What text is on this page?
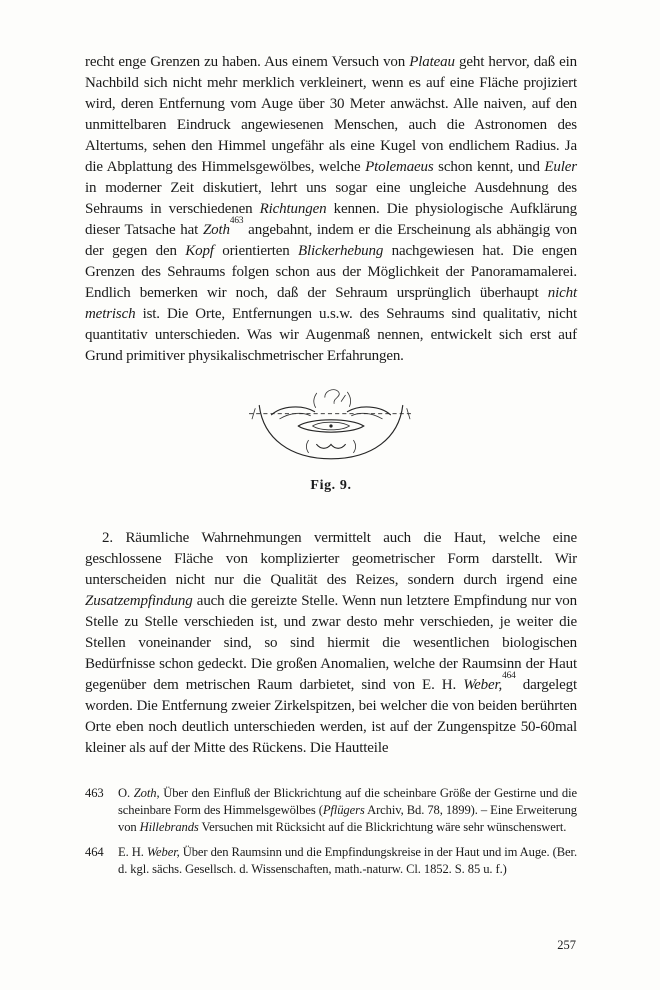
recht enge Grenzen zu haben. Aus einem Versuch von Plateau geht hervor, daß ein Nachbild sich nicht mehr merklich verkleinert, wenn es auf eine Fläche projiziert wird, deren Entfernung vom Auge über 30 Meter anwächst. Alle naiven, auf den unmittelbaren Eindruck angewiesenen Menschen, auch die Astronomen des Altertums, sehen den Himmel ungefähr als eine Kugel von endlichem Radius. Ja die Abplattung des Himmelsgewölbes, welche Ptolemaeus schon kennt, und Euler in moderner Zeit diskutiert, lehrt uns sogar eine ungleiche Ausdehnung des Sehraums in verschiedenen Richtungen kennen. Die physiologische Aufklärung dieser Tatsache hat Zoth$^{463}$ angebahnt, indem er die Erscheinung als abhängig von der gegen den Kopf orientierten Blickerhebung nachgewiesen hat. Die engen Grenzen des Sehraums folgen schon aus der Möglichkeit der Panoramamalerei. Endlich bemerken wir noch, daß der Sehraum ursprünglich überhaupt nicht metrisch ist. Die Orte, Entfernungen u.s.w. des Sehraums sind qualitativ, nicht quantitativ unterschieden. Was wir Augenmaß nennen, entwickelt sich erst auf Grund primitiver physikalischmetrischer Erfahrungen.

Fig. 9.

2. Räumliche Wahrnehmungen vermittelt auch die Haut, welche eine geschlossene Fläche von komplizierter geometrischer Form darstellt. Wir unterscheiden nicht nur die Qualität des Reizes, sondern durch irgend eine Zusatzempfindung auch die gereizte Stelle. Wenn nun letztere Empfindung nur von Stelle zu Stelle verschieden ist, und zwar desto mehr verschieden, je weiter die Stellen voneinander sind, so sind hiermit die wesentlichen biologischen Bedürfnisse schon gedeckt. Die großen Anomalien, welche der Raumsinn der Haut gegenüber dem metrischen Raum darbietet, sind von E. H. Weber,$^{464}$ dargelegt worden. Die Entfernung zweier Zirkelspitzen, bei welcher die von beiden berührten Orte eben noch deutlich unterschieden werden, ist auf der Zungenspitze 50-60mal kleiner als auf der Mitte des Rückens. Die Hautteile

463	O. Zoth, Über den Einfluß der Blickrichtung auf die scheinbare Größe der Gestirne und die scheinbare Form des Himmelsgewölbes (Pflügers Archiv, Bd. 78, 1899). – Eine Erweiterung von Hillebrands Versuchen mit Rücksicht auf die Blickrichtung wäre sehr wünschenswert.
464	E. H. Weber, Über den Raumsinn und die Empfindungskreise in der Haut und im Auge. (Ber. d. kgl. sächs. Gesellsch. d. Wissenschaften, math.-naturw. Cl. 1852. S. 85 u. f.)
257
